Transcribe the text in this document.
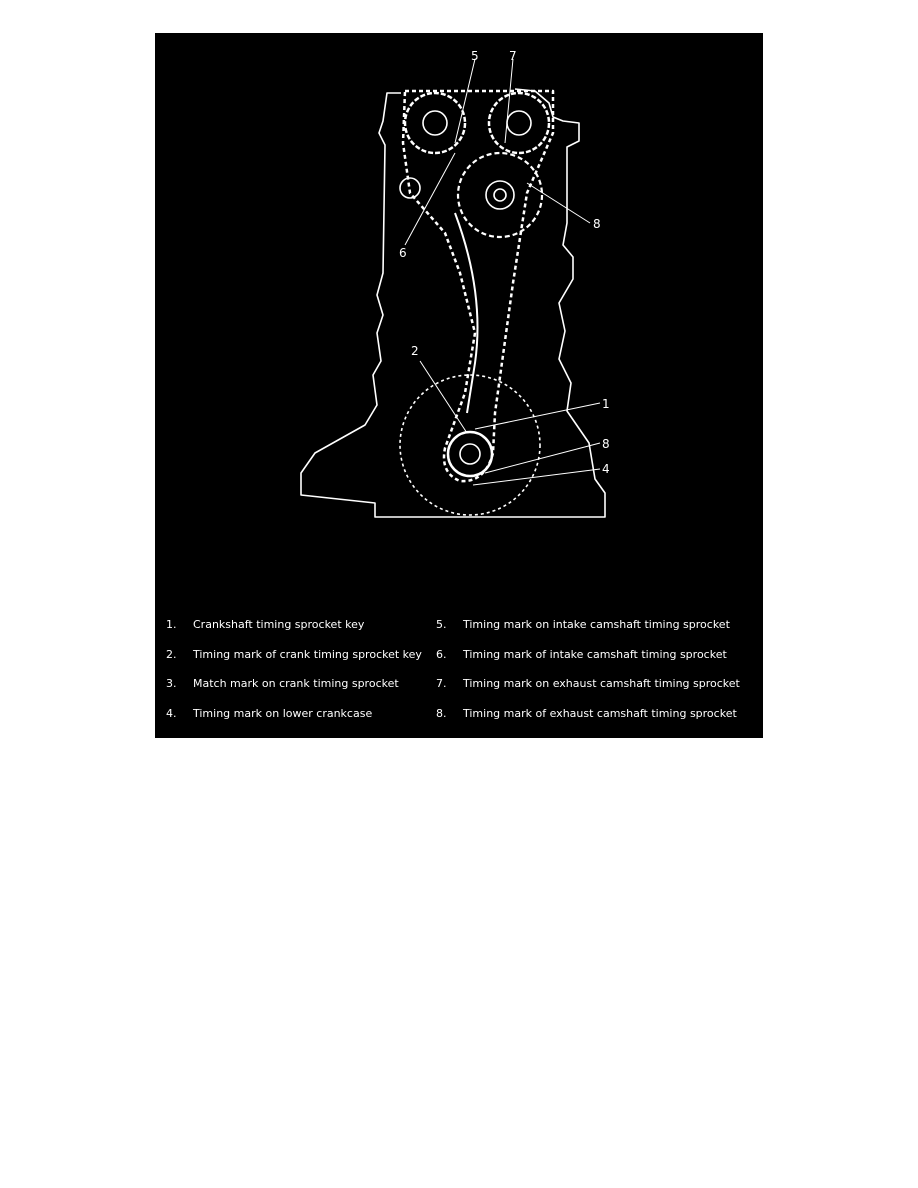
5	7
8
6
2
1
8
4
1. Crankshaft timing sprocket key
2. Timing mark of crank timing sprocket key
3. Match mark on crank timing sprocket
4. Timing mark on lower crankcase
5. Timing mark on intake camshaft timing sprocket
6. Timing mark of intake camshaft timing sprocket
7. Timing mark on exhaust camshaft timing sprocket
8. Timing mark of exhaust camshaft timing sprocket
